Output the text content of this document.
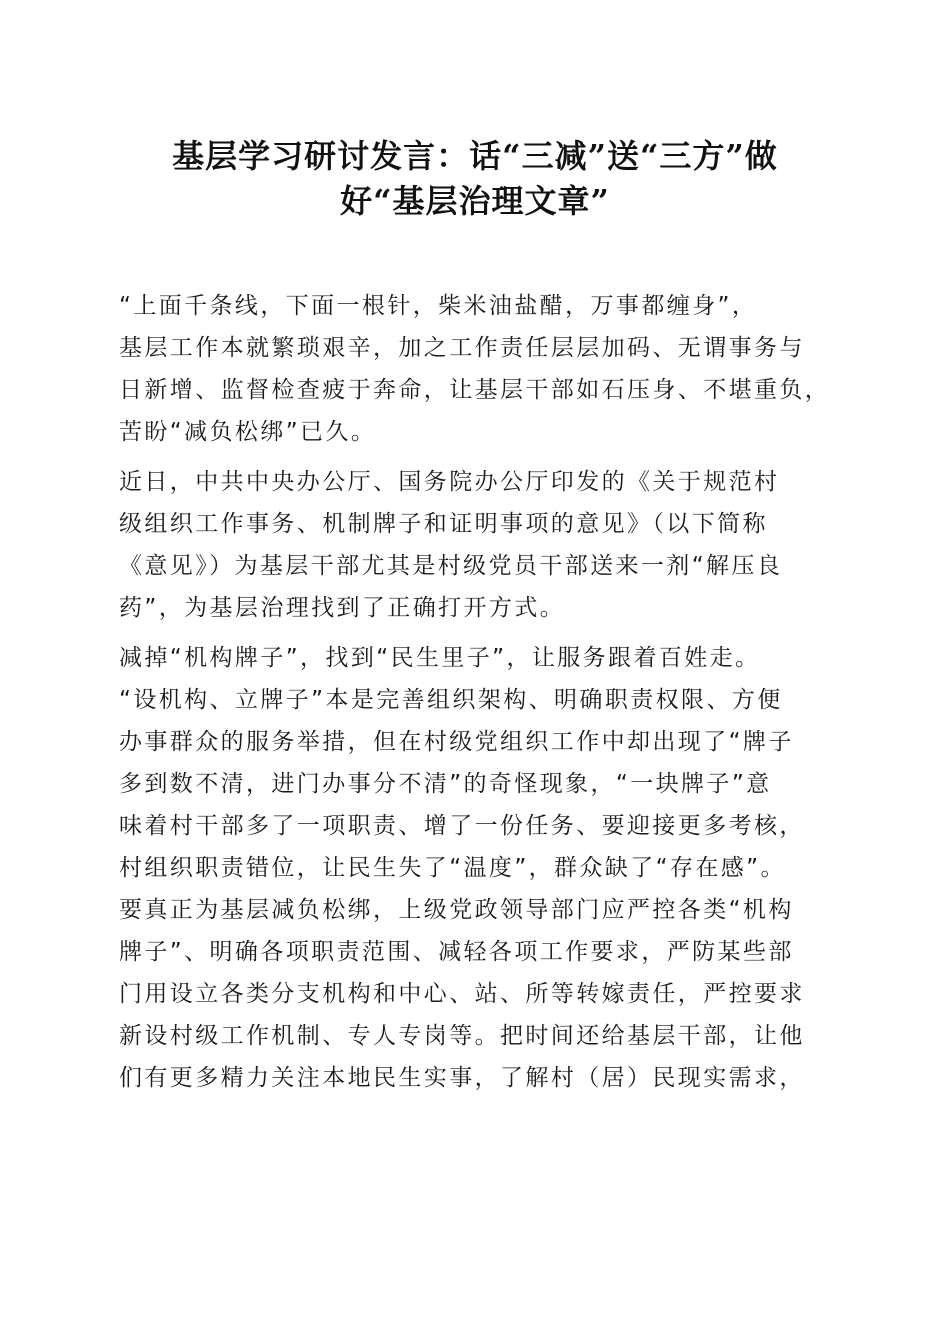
基层学习研讨发言：话“三减”送“三方”做
好“基层治理文章”
“上面千条线，下面一根针，柴米油盐醋，万事都缠身”，
基层工作本就繁琐艰辛，加之工作责任层层加码、无谓事务与
日新增、监督检查疲于奔命，让基层干部如石压身、不堪重负，
苦盼“减负松绑”已久。
近日，中共中央办公厅、国务院办公厅印发的《关于规范村
级组织工作事务、机制牌子和证明事项的意见》（以下简称
《意见》）为基层干部尤其是村级党员干部送来一剂“解压良
药”，为基层治理找到了正确打开方式。
减掉“机构牌子”，找到“民生里子”，让服务跟着百姓走。
“设机构、立牌子”本是完善组织架构、明确职责权限、方便
办事群众的服务举措，但在村级党组织工作中却出现了“牌子
多到数不清，进门办事分不清”的奇怪现象，“一块牌子”意
味着村干部多了一项职责、增了一份任务、要迎接更多考核，
村组织职责错位，让民生失了“温度”，群众缺了“存在感”。
要真正为基层减负松绑，上级党政领导部门应严控各类“机构
牌子”、明确各项职责范围、减轻各项工作要求，严防某些部
门用设立各类分支机构和中心、站、所等转嫁责任，严控要求
新设村级工作机制、专人专岗等。把时间还给基层干部，让他
们有更多精力关注本地民生实事，了解村（居）民现实需求，
